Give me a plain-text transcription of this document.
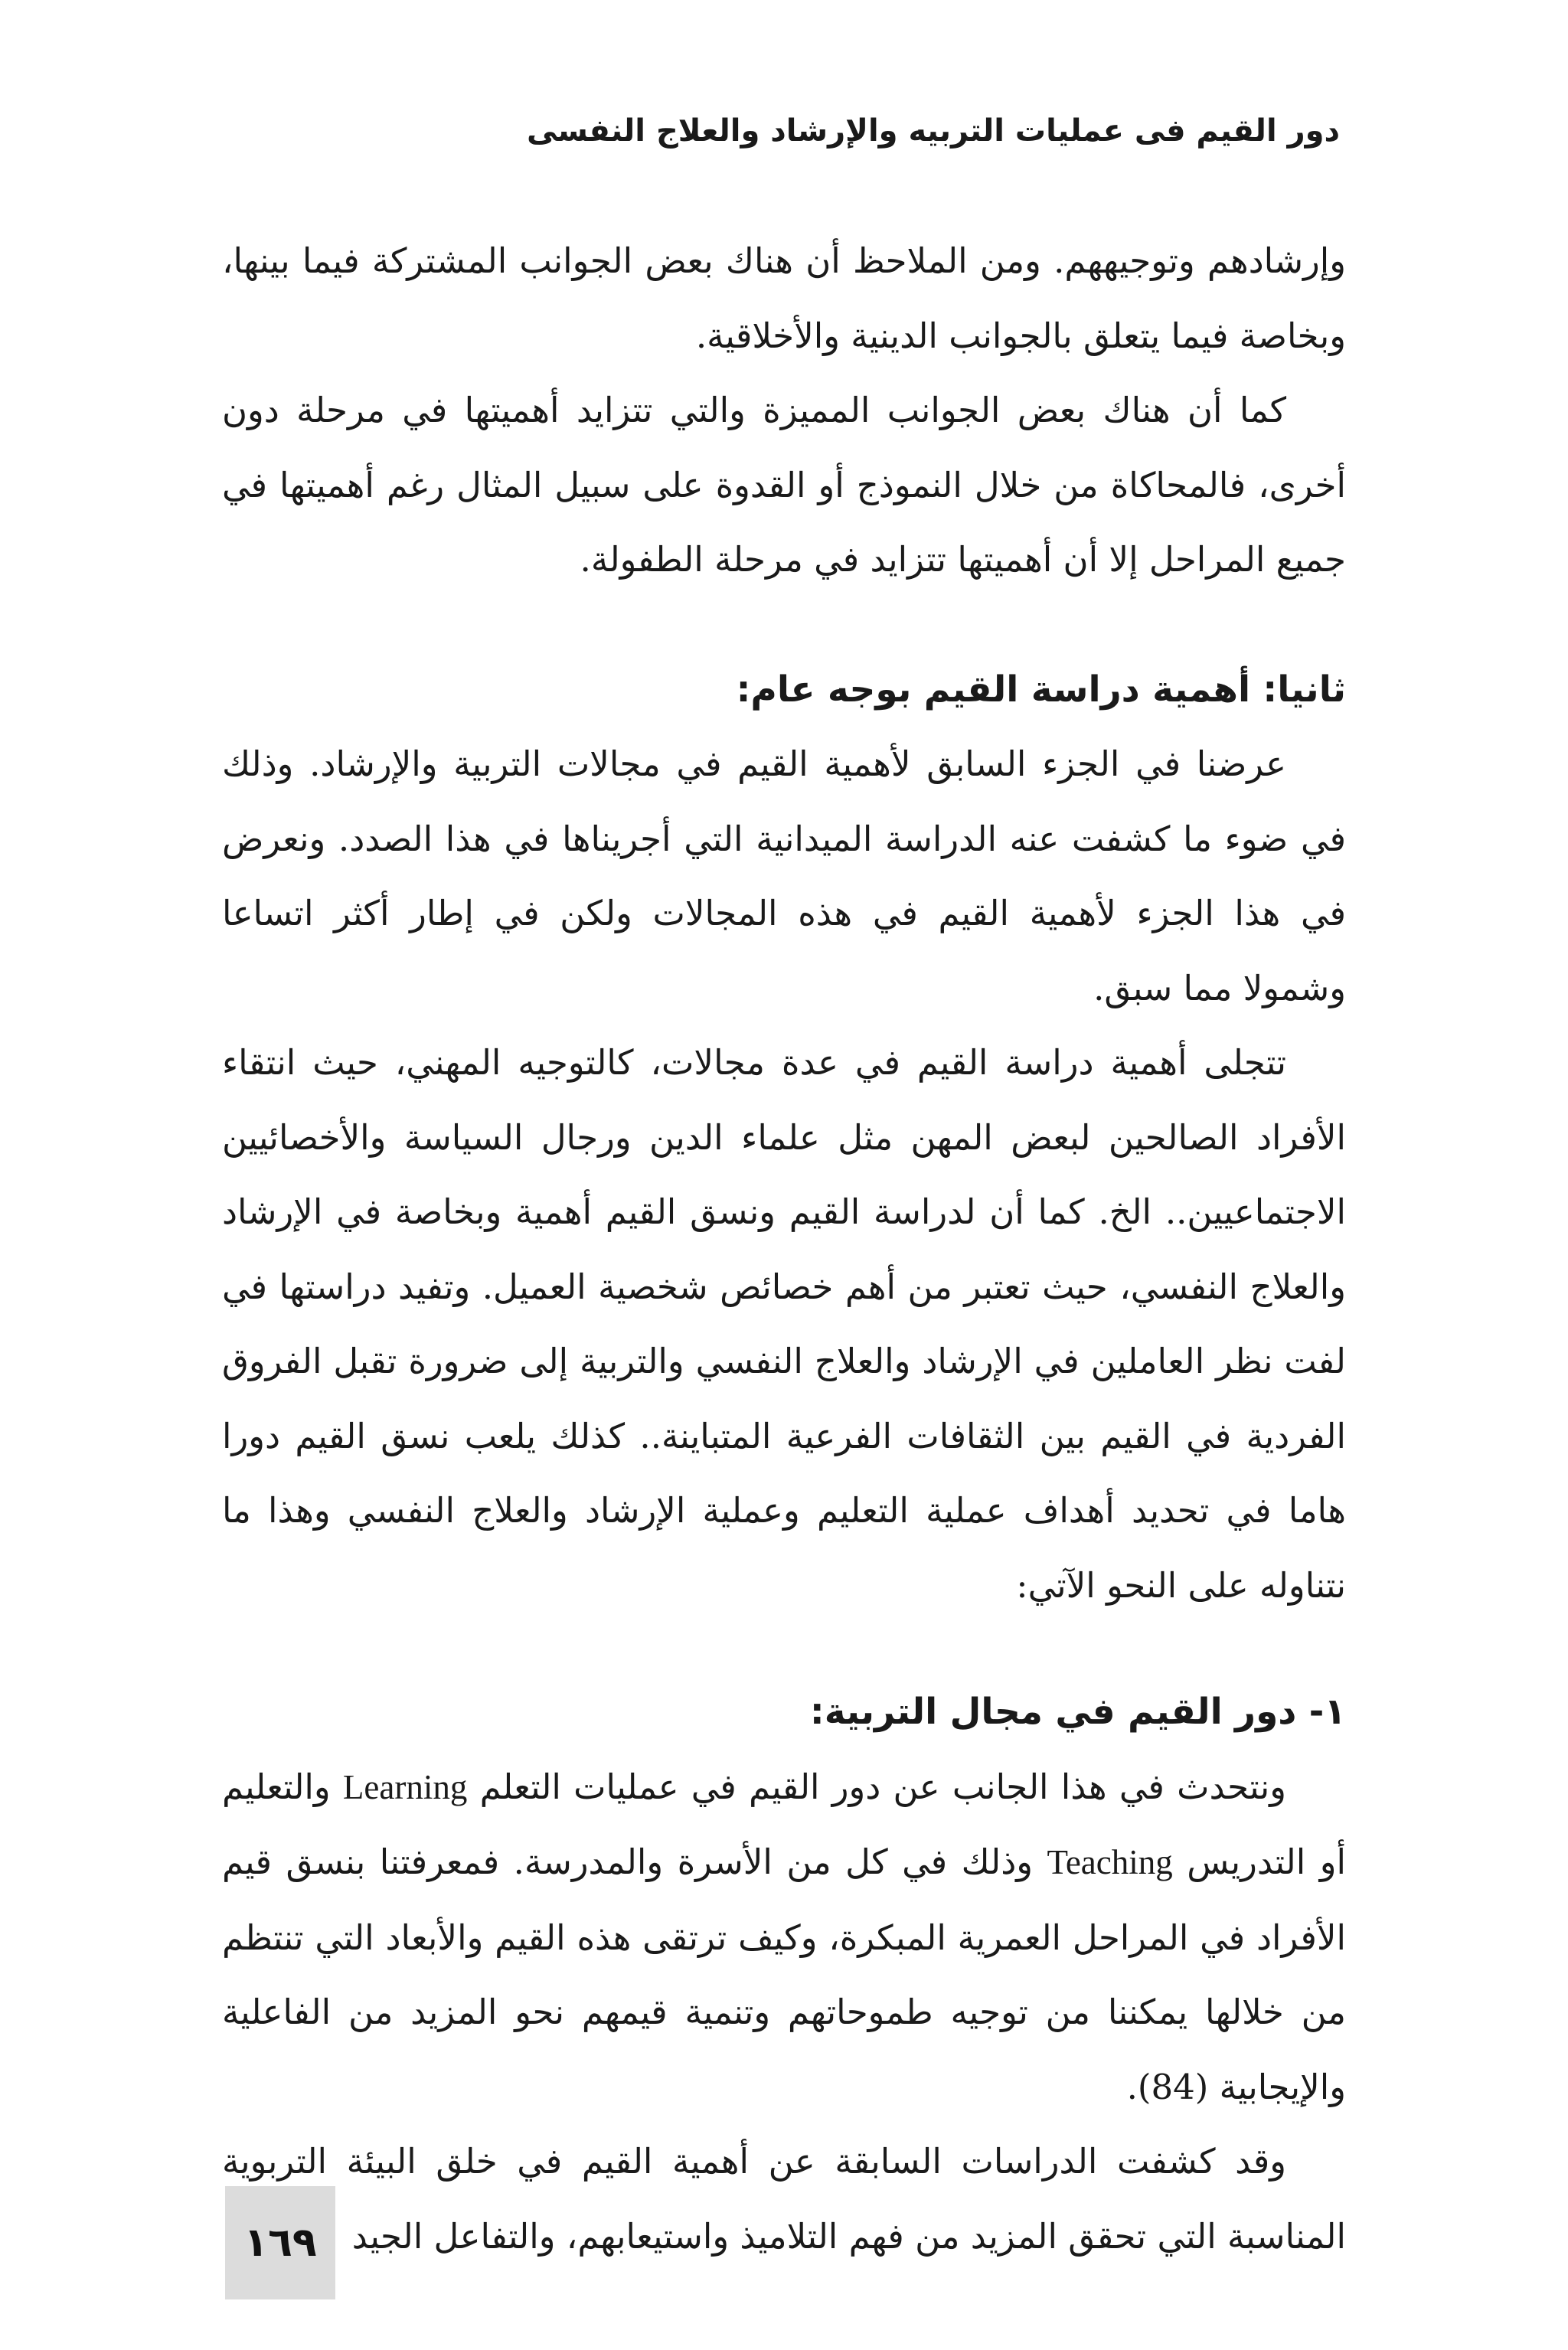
دور القيم فى عمليات التربيه والإرشاد والعلاج النفسى

وإرشادهم وتوجيههم. ومن الملاحظ أن هناك بعض الجوانب المشتركة فيما بينها، وبخاصة فيما يتعلق بالجوانب الدينية والأخلاقية.

كما أن هناك بعض الجوانب المميزة والتي تتزايد أهميتها في مرحلة دون أخرى، فالمحاكاة من خلال النموذج أو القدوة على سبيل المثال رغم أهميتها في جميع المراحل إلا أن أهميتها تتزايد في مرحلة الطفولة.

ثانيا: أهمية دراسة القيم بوجه عام:

عرضنا في الجزء السابق لأهمية القيم في مجالات التربية والإرشاد. وذلك في ضوء ما كشفت عنه الدراسة الميدانية التي أجريناها في هذا الصدد. ونعرض في هذا الجزء لأهمية القيم في هذه المجالات ولكن في إطار أكثر اتساعا وشمولا مما سبق.

تتجلى أهمية دراسة القيم في عدة مجالات، كالتوجيه المهني، حيث انتقاء الأفراد الصالحين لبعض المهن مثل علماء الدين ورجال السياسة والأخصائيين الاجتماعيين.. الخ. كما أن لدراسة القيم ونسق القيم أهمية وبخاصة في الإرشاد والعلاج النفسي، حيث تعتبر من أهم خصائص شخصية العميل. وتفيد دراستها في لفت نظر العاملين في الإرشاد والعلاج النفسي والتربية إلى ضرورة تقبل الفروق الفردية في القيم بين الثقافات الفرعية المتباينة.. كذلك يلعب نسق القيم دورا هاما في تحديد أهداف عملية التعليم وعملية الإرشاد والعلاج النفسي وهذا ما نتناوله على النحو الآتي:

١- دور القيم في مجال التربية:

ونتحدث في هذا الجانب عن دور القيم في عمليات التعلم Learning والتعليم أو التدريس Teaching وذلك في كل من الأسرة والمدرسة. فمعرفتنا بنسق قيم الأفراد في المراحل العمرية المبكرة، وكيف ترتقى هذه القيم والأبعاد التي تنتظم من خلالها يمكننا من توجيه طموحاتهم وتنمية قيمهم نحو المزيد من الفاعلية والإيجابية (84).

وقد كشفت الدراسات السابقة عن أهمية القيم في خلق البيئة التربوية المناسبة التي تحقق المزيد من فهم التلاميذ واستيعابهم، والتفاعل الجيد

١٦٩
